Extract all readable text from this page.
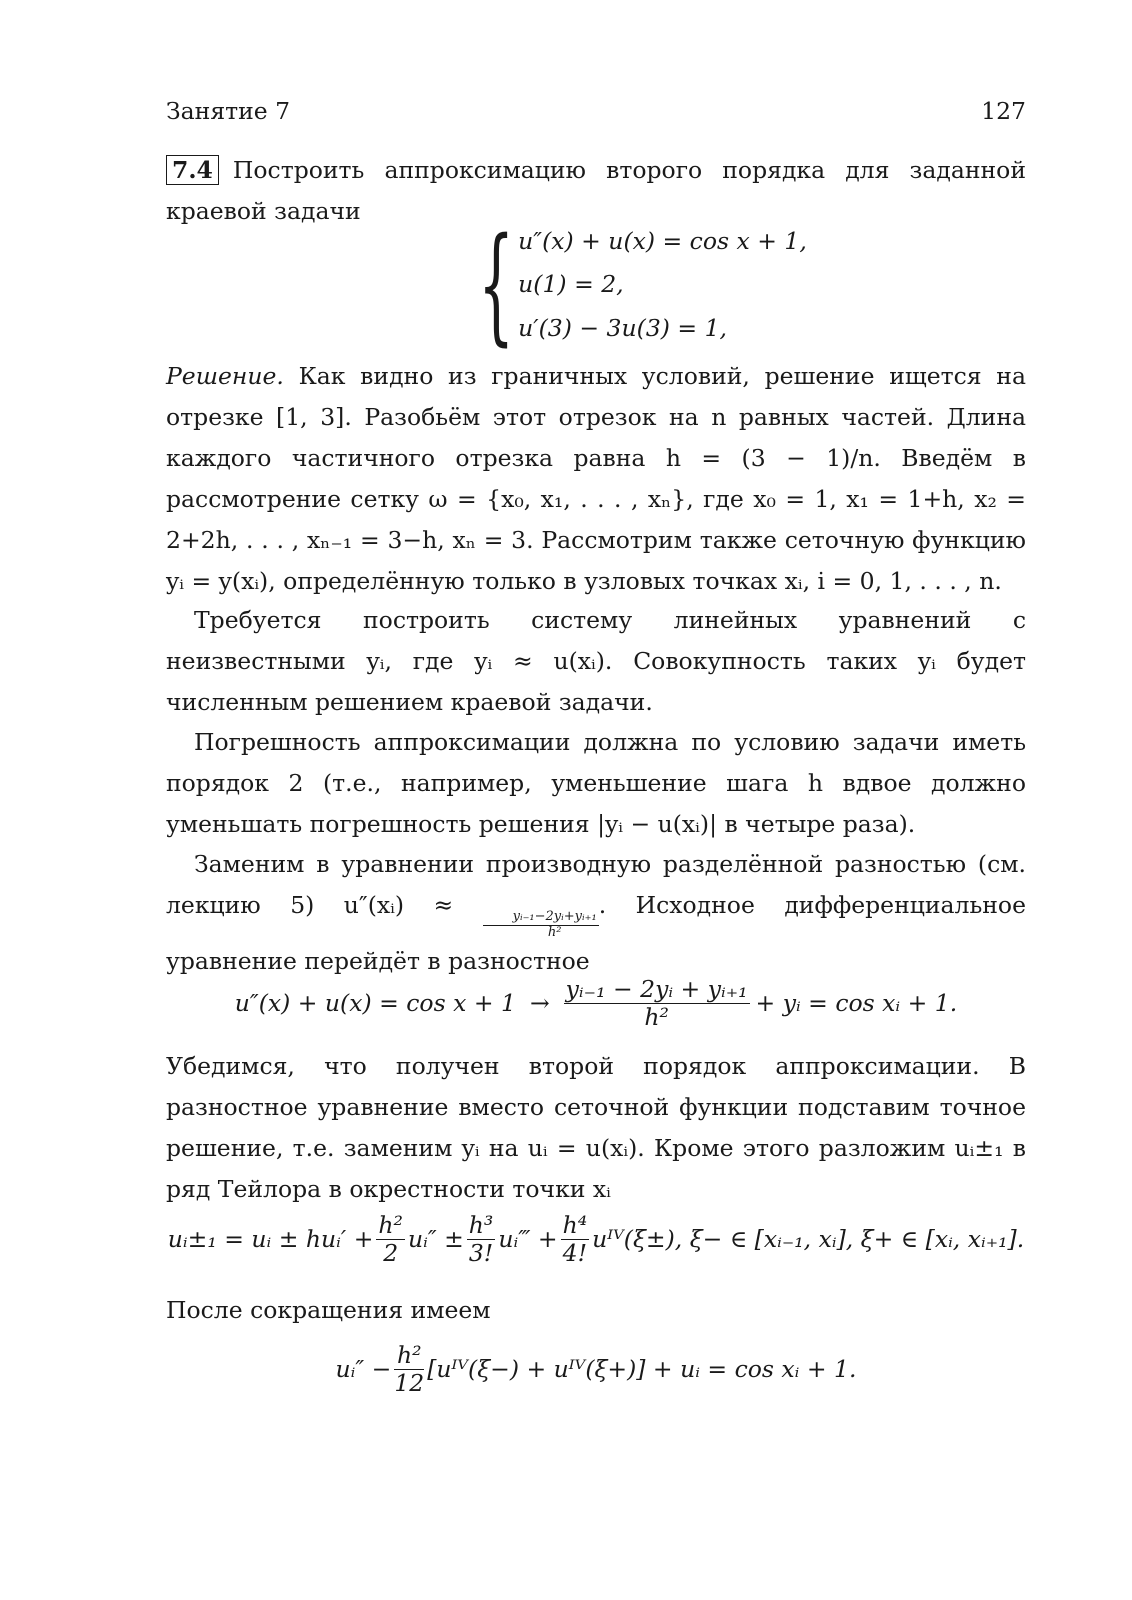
Занятие 7	127

7.4 Построить аппроксимацию второго порядка для заданной краевой задачи { u″(x) + u(x) = cos x + 1,
u(1) = 2,
u′(3) − 3u(3) = 1,

Решение. Как видно из граничных условий, решение ищется на отрезке [1, 3]. Разобьём этот отрезок на n равных частей. Длина каждого частичного отрезка равна h = (3 − 1)/n. Введём в рассмотрение сетку ω = {x₀, x₁, . . . , xₙ}, где x₀ = 1, x₁ = 1+h, x₂ = 2+2h, . . . , xₙ₋₁ = 3−h, xₙ = 3. Рассмотрим также сеточную функцию yᵢ = y(xᵢ), определённую только в узловых точках xᵢ, i = 0, 1, . . . , n.

Требуется построить систему линейных уравнений с неизвестными yᵢ, где yᵢ ≈ u(xᵢ). Совокупность таких yᵢ будет численным решением краевой задачи.

Погрешность аппроксимации должна по условию задачи иметь порядок 2 (т.е., например, уменьшение шага h вдвое должно уменьшать погрешность решения |yᵢ − u(xᵢ)| в четыре раза).

Заменим в уравнении производную разделённой разностью (см. лекцию 5) u″(xᵢ) ≈
$\frac{\text{yᵢ₋₁−2yᵢ+yᵢ₊₁}}{\text{h²}}$
. Исходное дифференциальное уравнение перейдёт в разностное

u″(x) + u(x) = cos x + 1 →
yᵢ₋₁ − 2yᵢ + yᵢ₊₁
h²	+ yᵢ = cos xᵢ + 1.

Убедимся, что получен второй порядок аппроксимации. В разностное уравнение вместо сеточной функции подставим точное решение, т.е. заменим yᵢ на uᵢ = u(xᵢ). Кроме этого разложим uᵢ±₁ в ряд Тейлора в окрестности точки xᵢ

uᵢ±₁ = uᵢ ± huᵢ′ + $\frac{\text{h²}}{2}$ uᵢ″ ± $\frac{\text{h³}}{3!}$ uᵢ‴ + $\frac{\text{h⁴}}{4!}$ uᴵⱽ(ξ±), ξ− ∈ [xᵢ₋₁, xᵢ], ξ+ ∈ [xᵢ, xᵢ₊₁].

После сокращения имеем

uᵢ″ − $\frac{\text{h²}}{12}$ [uᴵⱽ(ξ−) + uᴵⱽ(ξ+)] + uᵢ = cos xᵢ + 1.
